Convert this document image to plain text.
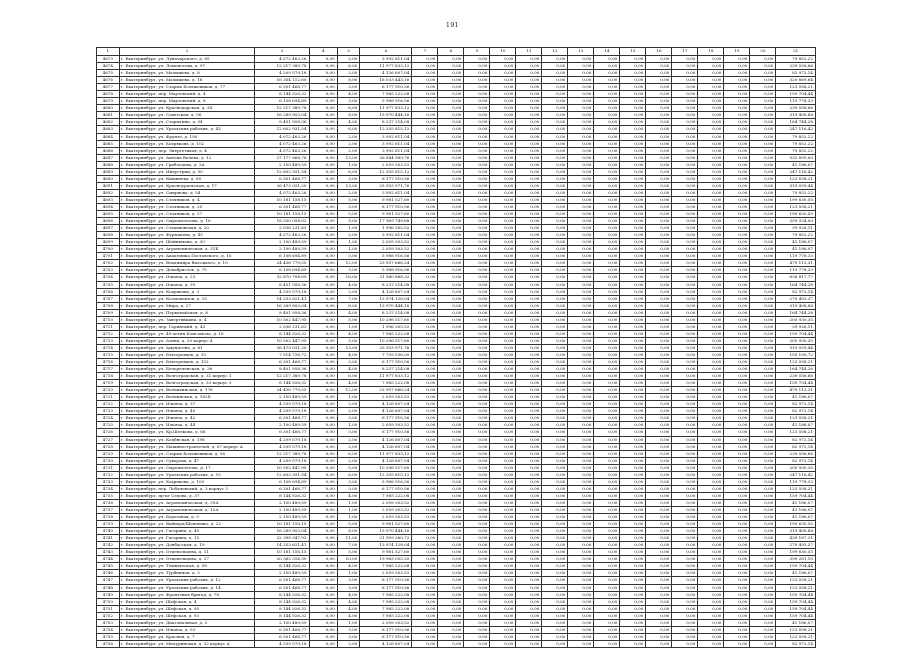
191
1	2	3	4	5	6	7	8	9	10	11	12	13	14	15	16	17	18	19	20	21
4673	г. Екатеринбург, ул. Луначарского, д. 85	4 072 463,26	0,00	2,00	3 992 611,04	0,00	0,00	0,00	0,00	0,00	0,00	0,00	0,00	0,00	0,00	0,00	0,00	0,00	0,00	79 852,22
4674	г. Екатеринбург, ул. Ломоносова, д. 97	12 217 389,78	0,00	6,00	11 977 833,12	0,00	0,00	0,00	0,00	0,00	0,00	0,00	0,00	0,00	0,00	0,00	0,00	0,00	0,00	239 556,66
4675	г. Екатеринбург, ул. Малышева, д. 8	4 209 579,18	0,00	2,00	4 126 607,04	0,00	0,00	0,00	0,00	0,00	0,00	0,00	0,00	0,00	0,00	0,00	0,00	0,00	0,00	82 972,14
4676	г. Екатеринбург, ул. Малышева, д. 16	16 354 112,80	0,00	8,00	16 033 443,16	0,00	0,00	0,00	0,00	0,00	0,00	0,00	0,00	0,00	0,00	0,00	0,00	0,00	0,00	320 669,64
4677	г. Екатеринбург, ул. Старых Большевиков, д. 77	6 301 468,77	0,00	3,00	6 177 910,56	0,00	0,00	0,00	0,00	0,00	0,00	0,00	0,00	0,00	0,00	0,00	0,00	0,00	0,00	123 558,21
4678	г. Екатеринбург, пер. Мартовский, д. 4	8 144 926,32	0,00	4,00	7 985 222,08	0,00	0,00	0,00	0,00	0,00	0,00	0,00	0,00	0,00	0,00	0,00	0,00	0,00	0,00	159 704,44
4679	г. Екатеринбург, пер. Мартовский, д. 8	6 108 694,89	0,00	3,00	5 988 916,56	0,00	0,00	0,00	0,00	0,00	0,00	0,00	0,00	0,00	0,00	0,00	0,00	0,00	0,00	119 778,33
4680	г. Екатеринбург, ул. Краснодарская, д. 34	12 217 389,78	0,00	6,00	11 977 833,12	0,00	0,00	0,00	0,00	0,00	0,00	0,00	0,00	0,00	0,00	0,00	0,00	0,00	0,00	239 556,66
4681	г. Екатеринбург, ул. Советская, д. 56	16 289 853,04	0,00	8,00	15 970 444,16	0,00	0,00	0,00	0,00	0,00	0,00	0,00	0,00	0,00	0,00	0,00	0,00	0,00	0,00	319 408,88
4682	г. Екатеринбург, ул. Старыгина, д. 34	8 401 958,36	0,00	4,00	8 237 214,08	0,00	0,00	0,00	0,00	0,00	0,00	0,00	0,00	0,00	0,00	0,00	0,00	0,00	0,00	164 744,28
4683	г. Екатеринбург, ул. Уральских рабочих, д. 43	12 602 931,54	0,00	6,00	12 355 815,12	0,00	0,00	0,00	0,00	0,00	0,00	0,00	0,00	0,00	0,00	0,00	0,00	0,00	0,00	247 116,42
4684	г. Екатеринбург, ул. Фрунзе, д. 190	4 072 463,26	0,00	2,00	3 992 611,04	0,00	0,00	0,00	0,00	0,00	0,00	0,00	0,00	0,00	0,00	0,00	0,00	0,00	0,00	79 852,22
4685	г. Екатеринбург, ул. Хохрякова, д. 102	4 072 463,26	0,00	2,00	3 992 611,04	0,00	0,00	0,00	0,00	0,00	0,00	0,00	0,00	0,00	0,00	0,00	0,00	0,00	0,00	79 852,22
4686	г. Екатеринбург, пер. Энергетиков, д. 4	4 072 463,26	0,00	2,00	3 992 611,04	0,00	0,00	0,00	0,00	0,00	0,00	0,00	0,00	0,00	0,00	0,00	0,00	0,00	0,00	79 852,22
4687	г. Екатеринбург, ул. Антона Валека, д. 12	27 177 868,76	0,00	13,00	26 644 969,76	0,00	0,00	0,00	0,00	0,00	0,00	0,00	0,00	0,00	0,00	0,00	0,00	0,00	0,00	532 899,00
4688	г. Екатеринбург, ул. Грибоедова, д. 2А	2 100 489,59	0,00	1,00	2 059 303,52	0,00	0,00	0,00	0,00	0,00	0,00	0,00	0,00	0,00	0,00	0,00	0,00	0,00	0,00	41 186,07
4689	г. Екатеринбург, ул. Индустрии, д. 90	12 602 931,54	0,00	6,00	12 355 815,12	0,00	0,00	0,00	0,00	0,00	0,00	0,00	0,00	0,00	0,00	0,00	0,00	0,00	0,00	247 116,42
4690	г. Екатеринбург, ул. Кишинева, д. 80	6 301 468,77	0,00	3,00	6 177 910,56	0,00	0,00	0,00	0,00	0,00	0,00	0,00	0,00	0,00	0,00	0,00	0,00	0,00	0,00	123 558,21
4691	г. Екатеринбург, ул. Красноуральская, д. 17	26 473 031,20	0,00	13,00	25 953 971,76	0,00	0,00	0,00	0,00	0,00	0,00	0,00	0,00	0,00	0,00	0,00	0,00	0,00	0,00	519 059,44
4692	г. Екатеринбург, ул. Смирнова, д. 54	4 072 463,26	0,00	2,00	3 992 611,04	0,00	0,00	0,00	0,00	0,00	0,00	0,00	0,00	0,00	0,00	0,00	0,00	0,00	0,00	79 852,22
4693	г. Екатеринбург, ул. Стачников, д. 4	10 181 158,15	0,00	5,00	9 981 527,60	0,00	0,00	0,00	0,00	0,00	0,00	0,00	0,00	0,00	0,00	0,00	0,00	0,00	0,00	199 630,55
4694	г. Екатеринбург, ул. Стачников, д. 20	6 301 468,77	0,00	3,00	6 177 910,56	0,00	0,00	0,00	0,00	0,00	0,00	0,00	0,00	0,00	0,00	0,00	0,00	0,00	0,00	123 558,21
4695	г. Екатеринбург, ул. Стачников, д. 27	10 181 158,15	0,00	5,00	9 981 527,60	0,00	0,00	0,00	0,00	0,00	0,00	0,00	0,00	0,00	0,00	0,00	0,00	0,00	0,00	199 630,55
4696	г. Екатеринбург, ул. Сыромолотова, д. 16	18 330 058,02	0,00	9,00	17 969 749,68	0,00	0,00	0,00	0,00	0,00	0,00	0,00	0,00	0,00	0,00	0,00	0,00	0,00	0,00	359 334,00
4697	г. Екатеринбург, ул. Стахановская, д. 20	2 036 231,63	0,00	1,00	1 996 305,52	0,00	0,00	0,00	0,00	0,00	0,00	0,00	0,00	0,00	0,00	0,00	0,00	0,00	0,00	39 926,11
4698	г. Екатеринбург, ул. Фурманова, д. 45	4 072 463,26	0,00	2,00	3 992 611,04	0,00	0,00	0,00	0,00	0,00	0,00	0,00	0,00	0,00	0,00	0,00	0,00	0,00	0,00	79 852,22
4699	г. Екатеринбург, ул. Шейнкмана, д. 30	2 100 489,59	0,00	1,00	2 059 303,52	0,00	0,00	0,00	0,00	0,00	0,00	0,00	0,00	0,00	0,00	0,00	0,00	0,00	0,00	41 186,07
4700	г. Екатеринбург, ул. Агрономическая, д. 31Б	2 100 489,59	0,00	1,00	2 059 303,52	0,00	0,00	0,00	0,00	0,00	0,00	0,00	0,00	0,00	0,00	0,00	0,00	0,00	0,00	41 186,07
4701	г. Екатеринбург, ул. Академика Постовского, д. 16	6 108 694,89	0,00	3,00	5 988 916,56	0,00	0,00	0,00	0,00	0,00	0,00	0,00	0,00	0,00	0,00	0,00	0,00	0,00	0,00	119 778,33
4702	г. Екатеринбург, ул. Владимира Высоцкого, д. 10	24 436 779,55	0,00	12,00	23 957 666,24	0,00	0,00	0,00	0,00	0,00	0,00	0,00	0,00	0,00	0,00	0,00	0,00	0,00	0,00	479 113,31
4703	г. Екатеринбург, ул. Декабристов, д. 75	6 108 694,89	0,00	3,00	5 988 916,56	0,00	0,00	0,00	0,00	0,00	0,00	0,00	0,00	0,00	0,00	0,00	0,00	0,00	0,00	119 778,33
4704	г. Екатеринбург, ул. Ильича, д. 23	32 670 708,09	0,00	16,00	31 940 888,32	0,00	0,00	0,00	0,00	0,00	0,00	0,00	0,00	0,00	0,00	0,00	0,00	0,00	0,00	638 817,77
4705	г. Екатеринбург, ул. Ильича, д. 39	8 401 958,36	0,00	4,00	8 237 214,08	0,00	0,00	0,00	0,00	0,00	0,00	0,00	0,00	0,00	0,00	0,00	0,00	0,00	0,00	164 744,28
4706	г. Екатеринбург, ул. Кохрякова, д. 3	4 209 579,18	0,00	2,00	4 126 607,04	0,00	0,00	0,00	0,00	0,00	0,00	0,00	0,00	0,00	0,00	0,00	0,00	0,00	0,00	82 972,14
4707	г. Екатеринбург, ул. Космонавтов, д. 15	14 253 621,41	0,00	7,00	13 974 128,04	0,00	0,00	0,00	0,00	0,00	0,00	0,00	0,00	0,00	0,00	0,00	0,00	0,00	0,00	279 493,37
4708	г. Екатеринбург, ул. Мира, д. 27	16 289 853,04	0,00	8,00	15 970 444,16	0,00	0,00	0,00	0,00	0,00	0,00	0,00	0,00	0,00	0,00	0,00	0,00	0,00	0,00	319 408,88
4709	г. Екатеринбург, ул. Первомайская, д. 8	8 401 958,36	0,00	4,00	8 237 214,08	0,00	0,00	0,00	0,00	0,00	0,00	0,00	0,00	0,00	0,00	0,00	0,00	0,00	0,00	164 744,28
4710	г. Екатеринбург, ул. Завертяйкина, д. 4	10 502 447,95	0,00	5,00	10 296 517,60	0,00	0,00	0,00	0,00	0,00	0,00	0,00	0,00	0,00	0,00	0,00	0,00	0,00	0,00	205 930,35
4711	г. Екатеринбург, пер. Гаринский, д. 43	2 036 231,63	0,00	1,00	1 996 305,52	0,00	0,00	0,00	0,00	0,00	0,00	0,00	0,00	0,00	0,00	0,00	0,00	0,00	0,00	39 926,11
4712	г. Екатеринбург, ул. 40-летия Комсомола, д. 16	8 144 926,32	0,00	4,00	7 985 222,08	0,00	0,00	0,00	0,00	0,00	0,00	0,00	0,00	0,00	0,00	0,00	0,00	0,00	0,00	159 704,44
4713	г. Екатеринбург, ул. Азина, д. 20 корпус 4	10 502 447,95	0,00	5,00	10 296 517,60	0,00	0,00	0,00	0,00	0,00	0,00	0,00	0,00	0,00	0,00	0,00	0,00	0,00	0,00	205 930,35
4714	г. Екатеринбург, ул. Амундсена, д. 61	26 473 031,20	0,00	13,00	25 953 971,76	0,00	0,00	0,00	0,00	0,00	0,00	0,00	0,00	0,00	0,00	0,00	0,00	0,00	0,00	519 059,44
4715	г. Екатеринбург, ул. Бехтеревцев, д. 15	7 914 726,72	0,00	4,00	7 759 536,00	0,00	0,00	0,00	0,00	0,00	0,00	0,00	0,00	0,00	0,00	0,00	0,00	0,00	0,00	155 190,72
4716	г. Екатеринбург, ул. Бехтеревцев, д. 152	6 301 468,77	0,00	3,00	6 177 910,56	0,00	0,00	0,00	0,00	0,00	0,00	0,00	0,00	0,00	0,00	0,00	0,00	0,00	0,00	123 558,21
4717	г. Екатеринбург, ул. Белореченская, д. 36	8 401 958,36	0,00	4,00	8 237 214,08	0,00	0,00	0,00	0,00	0,00	0,00	0,00	0,00	0,00	0,00	0,00	0,00	0,00	0,00	164 744,28
4718	г. Екатеринбург, ул. Волгоградская, д. 31 корпус 1	12 217 389,78	0,00	6,00	11 977 833,12	0,00	0,00	0,00	0,00	0,00	0,00	0,00	0,00	0,00	0,00	0,00	0,00	0,00	0,00	239 556,66
4719	г. Екатеринбург, ул. Волгоградская, д. 33 корпус 3	8 144 926,32	0,00	4,00	7 985 222,08	0,00	0,00	0,00	0,00	0,00	0,00	0,00	0,00	0,00	0,00	0,00	0,00	0,00	0,00	159 704,44
4720	г. Екатеринбург, ул. Волчихинская, д. 176	24 436 779,55	0,00	12,00	23 957 666,24	0,00	0,00	0,00	0,00	0,00	0,00	0,00	0,00	0,00	0,00	0,00	0,00	0,00	0,00	479 113,31
4721	г. Екатеринбург, ул. Волчинская, д. 182Б	2 100 489,59	0,00	1,00	2 059 303,52	0,00	0,00	0,00	0,00	0,00	0,00	0,00	0,00	0,00	0,00	0,00	0,00	0,00	0,00	41 186,07
4722	г. Екатеринбург, ул. Ильича, д. 37	4 209 579,18	0,00	2,00	4 126 607,04	0,00	0,00	0,00	0,00	0,00	0,00	0,00	0,00	0,00	0,00	0,00	0,00	0,00	0,00	82 972,14
4723	г. Екатеринбург, ул. Ильича, д. 40	4 209 579,18	0,00	2,00	4 126 607,04	0,00	0,00	0,00	0,00	0,00	0,00	0,00	0,00	0,00	0,00	0,00	0,00	0,00	0,00	82 972,14
4724	г. Екатеринбург, ул. Ильича, д. 42	6 301 468,77	0,00	3,00	6 177 910,56	0,00	0,00	0,00	0,00	0,00	0,00	0,00	0,00	0,00	0,00	0,00	0,00	0,00	0,00	123 558,21
4725	г. Екатеринбург, ул. Ильича, д. 44	2 100 489,59	0,00	1,00	2 059 303,52	0,00	0,00	0,00	0,00	0,00	0,00	0,00	0,00	0,00	0,00	0,00	0,00	0,00	0,00	41 186,07
4726	г. Екатеринбург, ул. Кр.Шелкова, д. 66	6 301 468,77	0,00	3,00	6 177 910,56	0,00	0,00	0,00	0,00	0,00	0,00	0,00	0,00	0,00	0,00	0,00	0,00	0,00	0,00	123 558,21
4727	г. Екатеринбург, ул. Кодбнская, д. 196	4 209 579,18	0,00	2,00	4 126 607,04	0,00	0,00	0,00	0,00	0,00	0,00	0,00	0,00	0,00	0,00	0,00	0,00	0,00	0,00	82 972,14
4728	г. Екатеринбург, ул. Машиностроителей, д. 67 корпус А	4 209 579,18	0,00	2,00	4 126 607,04	0,00	0,00	0,00	0,00	0,00	0,00	0,00	0,00	0,00	0,00	0,00	0,00	0,00	0,00	82 972,14
4729	г. Екатеринбург, ул. Старых Большевиков, д. 56	12 217 389,78	0,00	6,00	11 977 833,12	0,00	0,00	0,00	0,00	0,00	0,00	0,00	0,00	0,00	0,00	0,00	0,00	0,00	0,00	239 556,66
4730	г. Екатеринбург, ул. Суворова, д. 47	4 209 579,18	0,00	2,00	4 126 607,04	0,00	0,00	0,00	0,00	0,00	0,00	0,00	0,00	0,00	0,00	0,00	0,00	0,00	0,00	82 972,14
4731	г. Екатеринбург, ул. Сыромолотова, д. 17	10 502 447,95	0,00	5,00	10 296 517,60	0,00	0,00	0,00	0,00	0,00	0,00	0,00	0,00	0,00	0,00	0,00	0,00	0,00	0,00	205 930,35
4732	г. Екатеринбург, ул. Уральских рабочих, д. 53	12 602 931,54	0,00	6,00	12 355 815,12	0,00	0,00	0,00	0,00	0,00	0,00	0,00	0,00	0,00	0,00	0,00	0,00	0,00	0,00	247 116,42
4733	г. Екатеринбург, ул. Хохрякова, д. 100	6 108 694,89	0,00	3,00	5 988 916,56	0,00	0,00	0,00	0,00	0,00	0,00	0,00	0,00	0,00	0,00	0,00	0,00	0,00	0,00	119 778,33
4734	г. Екатеринбург, пер. Лобачевский, д. 3 корпус 3	6 301 468,77	0,00	3,00	6 177 910,56	0,00	0,00	0,00	0,00	0,00	0,00	0,00	0,00	0,00	0,00	0,00	0,00	0,00	0,00	123 558,21
4735	г. Екатеринбург, пр-кт Седова, д. 37	8 144 926,32	0,00	4,00	7 985 222,08	0,00	0,00	0,00	0,00	0,00	0,00	0,00	0,00	0,00	0,00	0,00	0,00	0,00	0,00	159 704,44
4736	г. Екатеринбург, ул. Агрономическая, д. 39А	2 100 489,59	0,00	1,00	2 059 303,52	0,00	0,00	0,00	0,00	0,00	0,00	0,00	0,00	0,00	0,00	0,00	0,00	0,00	0,00	41 186,07
4737	г. Екатеринбург, ул. Агрономическая, д. 12А	2 100 489,59	0,00	1,00	2 059 303,52	0,00	0,00	0,00	0,00	0,00	0,00	0,00	0,00	0,00	0,00	0,00	0,00	0,00	0,00	41 186,07
4738	г. Екатеринбург, ул. Березовая, д. 5	2 100 489,59	0,00	1,00	2 059 303,52	0,00	0,00	0,00	0,00	0,00	0,00	0,00	0,00	0,00	0,00	0,00	0,00	0,00	0,00	41 186,07
4739	г. Екатеринбург, ул. Вайнера/Шевченко, д. 22	10 181 158,15	0,00	5,00	9 981 527,60	0,00	0,00	0,00	0,00	0,00	0,00	0,00	0,00	0,00	0,00	0,00	0,00	0,00	0,00	199 630,55
4740	г. Екатеринбург, ул. Гагарина, д. 49	16 289 853,04	0,00	8,00	15 970 444,16	0,00	0,00	0,00	0,00	0,00	0,00	0,00	0,00	0,00	0,00	0,00	0,00	0,00	0,00	319 408,88
4741	г. Екатеринбург, ул. Гагарина, д. 15	22 398 547,93	0,00	11,00	21 959 360,72	0,00	0,00	0,00	0,00	0,00	0,00	0,00	0,00	0,00	0,00	0,00	0,00	0,00	0,00	439 187,21
4742	г. Екатеринбург, ул. Донбасская, д. 19	14 253 621,41	0,00	7,00	13 974 128,04	0,00	0,00	0,00	0,00	0,00	0,00	0,00	0,00	0,00	0,00	0,00	0,00	0,00	0,00	279 493,37
4743	г. Екатеринбург, ул. Отцевольцева, д. 11	10 181 158,15	0,00	5,00	9 981 527,60	0,00	0,00	0,00	0,00	0,00	0,00	0,00	0,00	0,00	0,00	0,00	0,00	0,00	0,00	199 630,55
4744	г. Екатеринбург, ул. Отцевольцева, д. 27	20 362 316,30	0,00	10,00	19 963 055,20	0,00	0,00	0,00	0,00	0,00	0,00	0,00	0,00	0,00	0,00	0,00	0,00	0,00	0,00	399 261,10
4745	г. Екатеринбург, ул. Техническая, д. 58	8 144 926,32	0,00	4,00	7 985 222,08	0,00	0,00	0,00	0,00	0,00	0,00	0,00	0,00	0,00	0,00	0,00	0,00	0,00	0,00	159 704,44
4746	г. Екатеринбург, ул. Турбинная, д. 3	2 100 489,59	0,00	1,00	2 059 303,52	0,00	0,00	0,00	0,00	0,00	0,00	0,00	0,00	0,00	0,00	0,00	0,00	0,00	0,00	41 186,07
4747	г. Екатеринбург, ул. Уральских рабочих, д. 12	6 301 468,77	0,00	3,00	6 177 910,56	0,00	0,00	0,00	0,00	0,00	0,00	0,00	0,00	0,00	0,00	0,00	0,00	0,00	0,00	123 558,21
4748	г. Екатеринбург, ул. Уральских рабочих, д. 14	6 301 468,77	0,00	3,00	6 177 910,56	0,00	0,00	0,00	0,00	0,00	0,00	0,00	0,00	0,00	0,00	0,00	0,00	0,00	0,00	123 558,21
4749	г. Екатеринбург, ул. Фронтовых бригад, д. 78	8 144 926,32	0,00	4,00	7 985 222,08	0,00	0,00	0,00	0,00	0,00	0,00	0,00	0,00	0,00	0,00	0,00	0,00	0,00	0,00	159 704,44
4750	г. Екатеринбург, ул. Шефская, д. 4	8 144 926,32	0,00	4,00	7 985 222,08	0,00	0,00	0,00	0,00	0,00	0,00	0,00	0,00	0,00	0,00	0,00	0,00	0,00	0,00	159 704,44
4751	г. Екатеринбург, ул. Шефская, д. 95	8 144 926,32	0,00	4,00	7 985 222,08	0,00	0,00	0,00	0,00	0,00	0,00	0,00	0,00	0,00	0,00	0,00	0,00	0,00	0,00	159 704,44
4752	г. Екатеринбург, ул. Шефская, д. 93	8 144 926,32	0,00	4,00	7 985 222,08	0,00	0,00	0,00	0,00	0,00	0,00	0,00	0,00	0,00	0,00	0,00	0,00	0,00	0,00	159 704,44
4753	г. Екатеринбург, ул. Диагональная, д. 3	2 100 489,59	0,00	1,00	2 059 303,52	0,00	0,00	0,00	0,00	0,00	0,00	0,00	0,00	0,00	0,00	0,00	0,00	0,00	0,00	41 186,07
4754	г. Екатеринбург, ул. Ильича, д. 53	6 301 468,77	0,00	3,00	6 177 910,56	0,00	0,00	0,00	0,00	0,00	0,00	0,00	0,00	0,00	0,00	0,00	0,00	0,00	0,00	123 558,21
4755	г. Екатеринбург, ул. Красная, д. 7	6 301 468,77	0,00	3,00	6 177 910,56	0,00	0,00	0,00	0,00	0,00	0,00	0,00	0,00	0,00	0,00	0,00	0,00	0,00	0,00	123 558,21
4756	г. Екатеринбург, ул. Мичуринская, д. 32 корпус А	4 209 579,18	0,00	2,00	4 126 607,04	0,00	0,00	0,00	0,00	0,00	0,00	0,00	0,00	0,00	0,00	0,00	0,00	0,00	0,00	82 972,14
